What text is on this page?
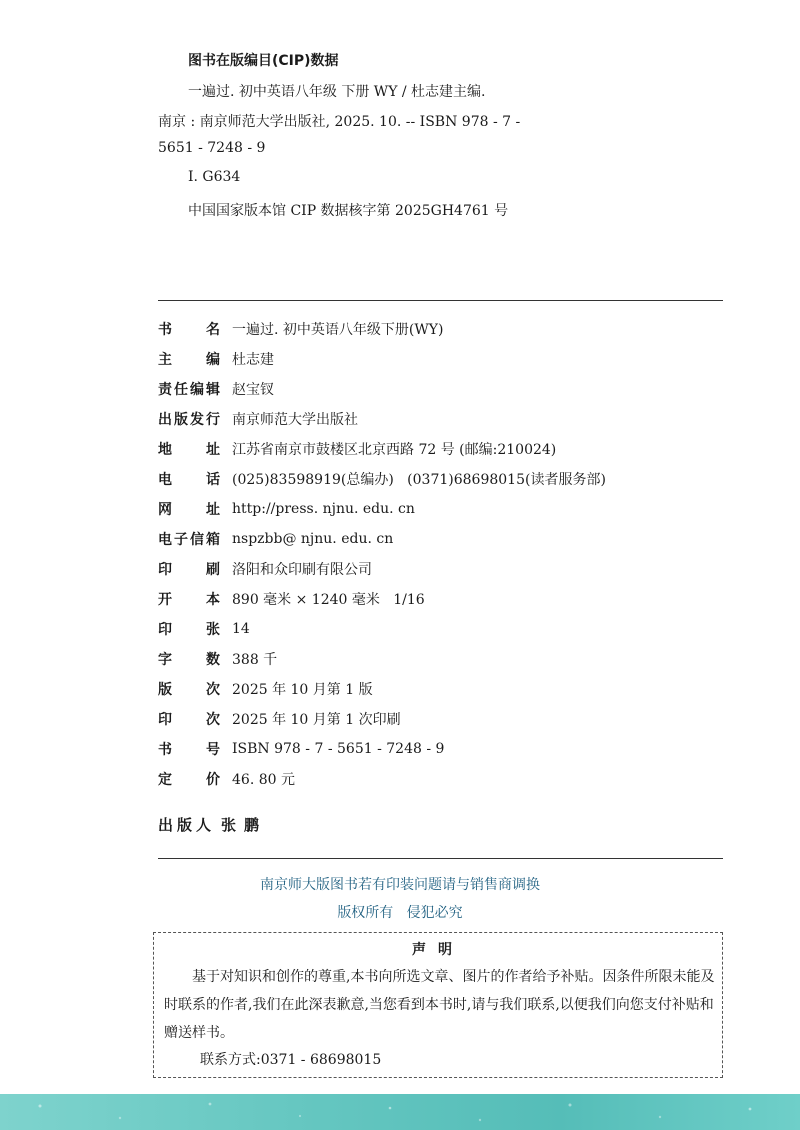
图书在版编目(CIP)数据
一遍过. 初中英语八年级 下册 WY / 杜志建主编.
南京 : 南京师范大学出版社, 2025. 10. -- ISBN 978 - 7 -
5651 - 7248 - 9
Ⅰ. G634
中国国家版本馆 CIP 数据核字第 2025GH4761 号
书 名 一遍过. 初中英语八年级下册(WY)
主 编 杜志建
责 任 编 辑 赵宝钗
出 版 发 行 南京师范大学出版社
地 址 江苏省南京市鼓楼区北京西路 72 号 (邮编:210024)
电 话 (025)83598919(总编办)   (0371)68698015(读者服务部)
网 址 http://press. njnu. edu. cn
电 子 信 箱 nspzbb@ njnu. edu. cn
印 刷 洛阳和众印刷有限公司
开 本 890 毫米 × 1240 毫米   1/16
印 张 14
字 数 388 千
版 次 2025 年 10 月第 1 版
印 次 2025 年 10 月第 1 次印刷
书 号 ISBN 978 - 7 - 5651 - 7248 - 9
定 价 46. 80 元
出版人 张鹏
南京师大版图书若有印装问题请与销售商调换
版权所有   侵犯必究
声明
基于对知识和创作的尊重,本书向所选文章、图片的作者给予补贴。因条件所限未能及时联系的作者,我们在此深表歉意,当您看到本书时,请与我们联系,以便我们向您支付补贴和赠送样书。
联系方式:0371 - 68698015
